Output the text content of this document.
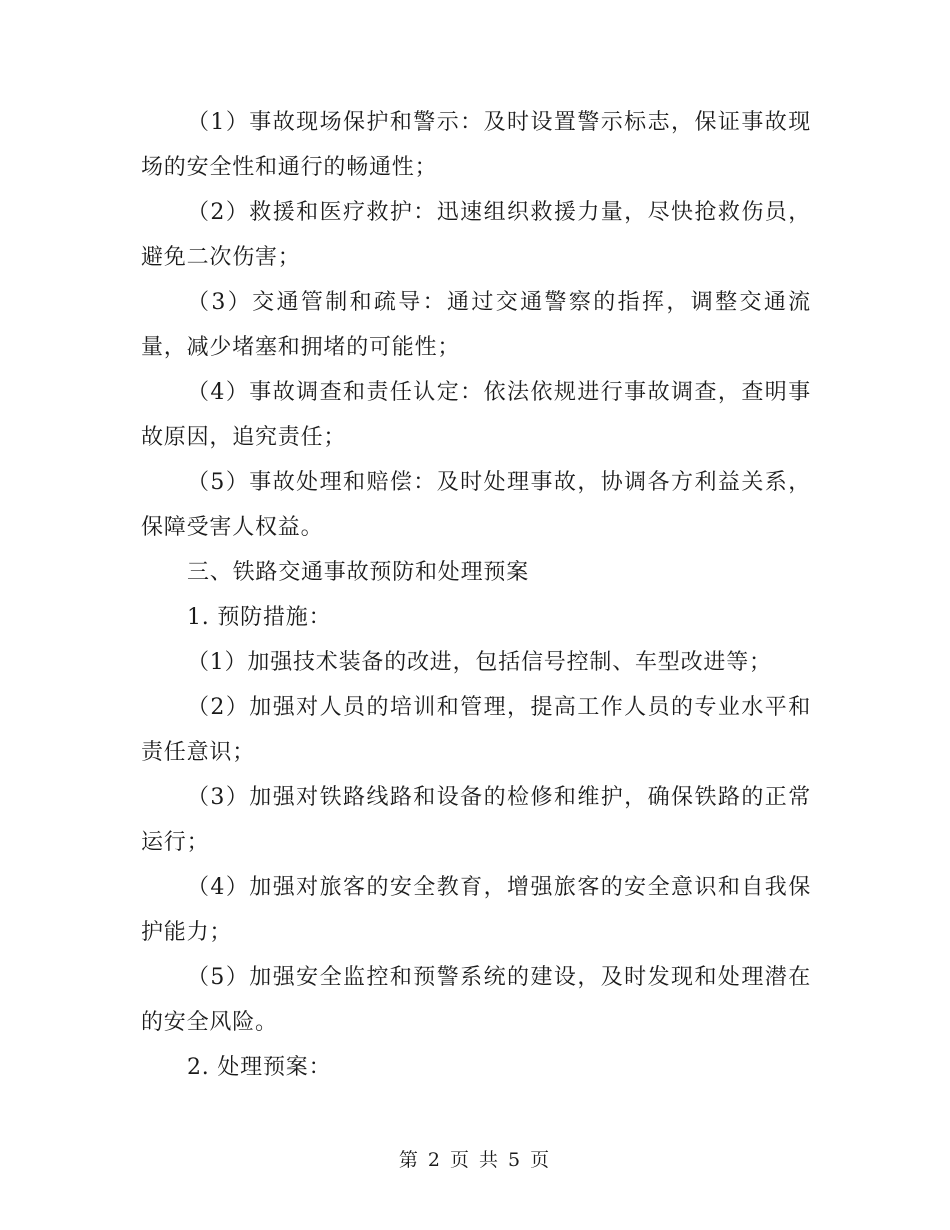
（1）事故现场保护和警示：及时设置警示标志，保证事故现场的安全性和通行的畅通性；

（2）救援和医疗救护：迅速组织救援力量，尽快抢救伤员，避免二次伤害；

（3）交通管制和疏导：通过交通警察的指挥，调整交通流量，减少堵塞和拥堵的可能性；

（4）事故调查和责任认定：依法依规进行事故调查，查明事故原因，追究责任；

（5）事故处理和赔偿：及时处理事故，协调各方利益关系，保障受害人权益。

三、铁路交通事故预防和处理预案

1. 预防措施：

（1）加强技术装备的改进，包括信号控制、车型改进等；

（2）加强对人员的培训和管理，提高工作人员的专业水平和责任意识；

（3）加强对铁路线路和设备的检修和维护，确保铁路的正常运行；

（4）加强对旅客的安全教育，增强旅客的安全意识和自我保护能力；

（5）加强安全监控和预警系统的建设，及时发现和处理潜在的安全风险。

2. 处理预案：

第 2 页 共 5 页
